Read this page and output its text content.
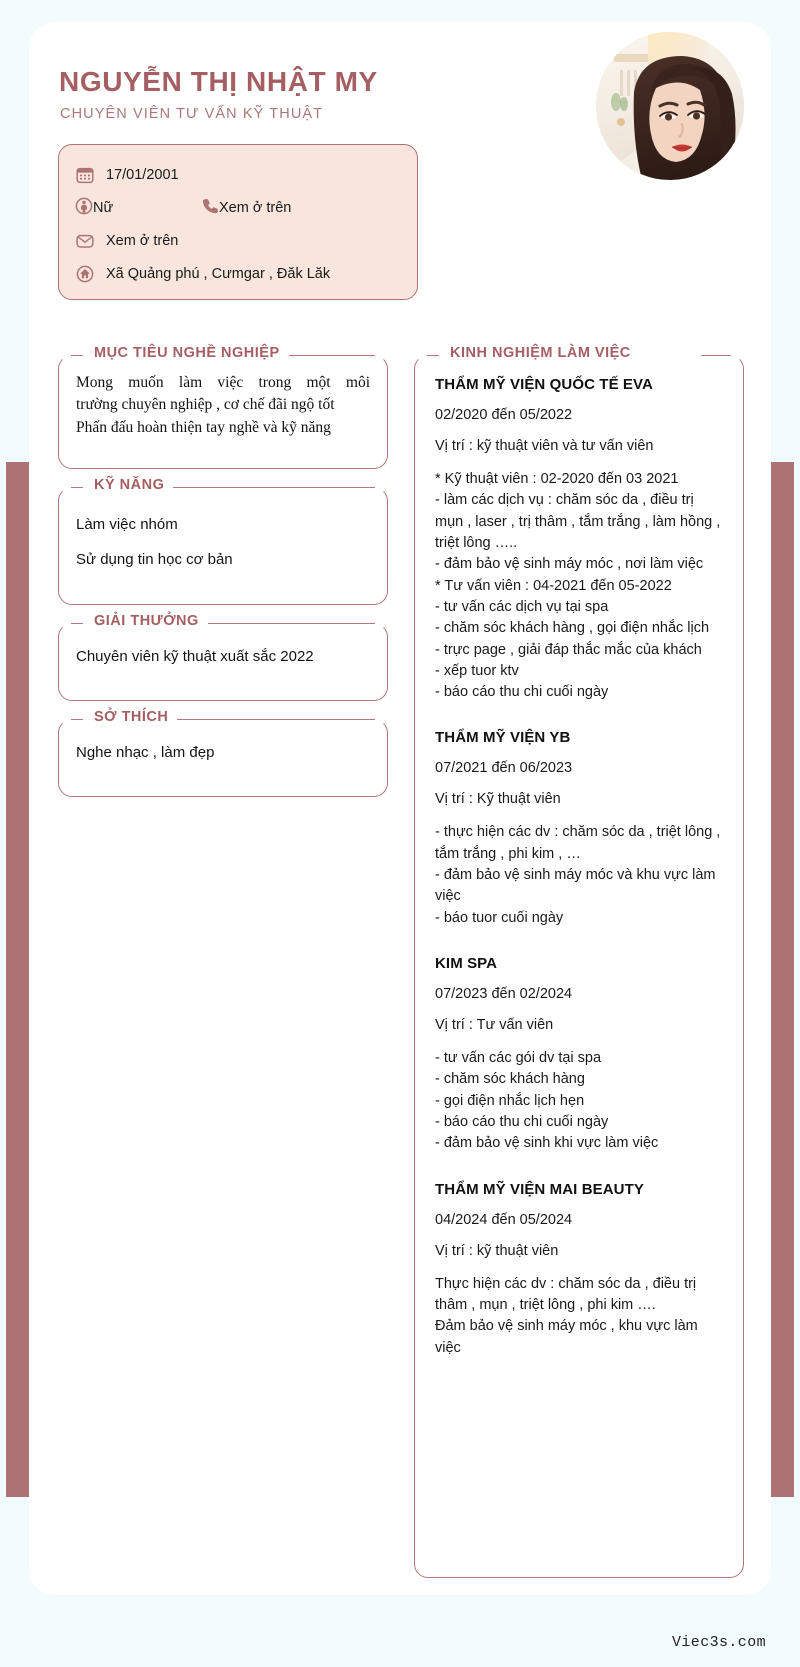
NGUYỄN THỊ NHẬT MY
CHUYÊN VIÊN TƯ VẤN KỸ THUẬT
17/01/2001
Nữ	Xem ở trên
Xem ở trên
Xã Quảng phú , Cưmgar , Đăk Lăk
MỤC TIÊU NGHỀ NGHIỆP
Mong muốn làm việc trong một môi
trường chuyên nghiệp , cơ chế đãi ngộ tốt
Phấn đấu hoàn thiện tay nghề và kỹ năng
KỸ NĂNG
Làm việc nhóm
Sử dụng tin học cơ bản
GIẢI THƯỞNG
Chuyên viên kỹ thuật xuất sắc 2022
SỞ THÍCH
Nghe nhạc , làm đẹp
KINH NGHIỆM LÀM VIỆC
THẨM MỸ VIỆN QUỐC TẾ EVA
02/2020 đến 05/2022
Vị trí : kỹ thuật viên và tư vấn viên
* Kỹ thuật viên : 02-2020 đến 03 2021
- làm các dịch vụ : chăm sóc da , điều trị mụn , laser , trị thâm , tắm trắng , làm hồng , triệt lông …..
- đảm bảo vệ sinh máy móc , nơi làm việc
* Tư vấn viên : 04-2021 đến 05-2022
- tư vấn các dịch vụ tại spa
- chăm sóc khách hàng , gọi điện nhắc lịch
- trực page , giải đáp thắc mắc của khách
- xếp tuor ktv
- báo cáo thu chi cuối ngày
THẨM MỸ VIỆN YB
07/2021 đến 06/2023
Vị trí : Kỹ thuật viên
- thực hiện các dv : chăm sóc da , triệt lông , tắm trắng , phi kim , …
- đảm bảo vệ sinh máy móc và khu vực làm việc
- báo tuor cuối ngày
KIM SPA
07/2023 đến 02/2024
Vị trí : Tư vấn viên
- tư vấn các gói dv tại spa
- chăm sóc khách hàng
- gọi điện nhắc lịch hẹn
- báo cáo thu chi cuối ngày
- đảm bảo vệ sinh khi vực làm việc
THẨM MỸ VIỆN MAI BEAUTY
04/2024 đến 05/2024
Vị trí : kỹ thuật viên
Thực hiện các dv : chăm sóc da , điều trị thâm , mụn , triệt lông , phi kim ….
Đảm bảo vệ sinh máy móc , khu vực làm việc
Viec3s.com
